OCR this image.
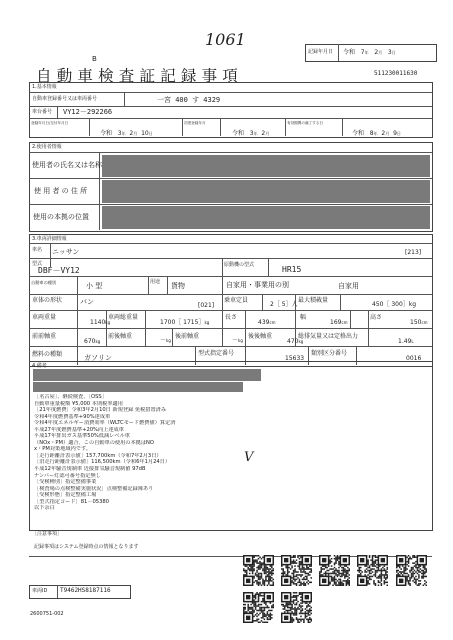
1061
B
自動車検査証記録事項
記録年月日 令和 7年 2月 3日
511230011630
1.基本情報
自動車登録番号又は車両番号	一宮 400 す 4329
車台番号 VY12－292266
登録年月日/交付年月日
令和 3年 2月 10日
初度登録年月
令和 3年 2月
有効期間の満了する日
令和 8年 2月 9日
2.使用者情報
使用者の氏名又は名称
使 用 者 の 住 所
使用の本拠の位置
3.車両詳細情報
車名 ニッサン	[213]
型式
DBF－VY12
原動機の型式	HR15
自動車の種別	小 型	用途 貨物	自家用・事業用の別	自家用
車体の形状	バン	[021]
乗車定員
2［ 5］人
最大積載量
450［ 300］kg
車両重量
1140kg
車両総重量
1700［ 1715］kg
長さ
439cm
幅
169cm
高さ
150cm
前前軸重
670kg
前後軸重
－kg
後前軸重
－kg
後後軸重
470kg
総排気量又は定格出力
1.49L
燃料の種類	ガソリン
型式指定番号
15633
類別区分番号
0016
4.備考
［名古屋］、継続検査、［OSS］
自動車重量税額 ¥5,000 本則税率適用
［21年度燃費］令和3年2月10日 新規登録 免税措置済み
令和4年度燃費基準+90%達成車
令和4年度エネルギー消費効率（WLTCモード燃費値）算定済
平成27年度燃費基準+20%向上達成車
平成17年排出ガス基準50%低減レベル車
（NOx・PM）適合、この自動車の使用の本拠はNO
x・PM対策地域内です。
［走行距離計表示値］157,700km（令和7年2月3日）
［旧走行距離計表示値］116,500km（令和6年1月24日）
平成12年騒音規制車 近接排気騒音規制値 97dB
ナンバー灯認可番号指定無し
［受検種別］指定整備事業
［検査場の点検整備実施状況］点検整備記録簿あり
［受検形態］指定整備工場
［型式指定コード］81－05380
以下余白
V
［注意事項］
記録事項はシステム登録時点の情報となります
車両ID T9462HS8187116
2600751-002
